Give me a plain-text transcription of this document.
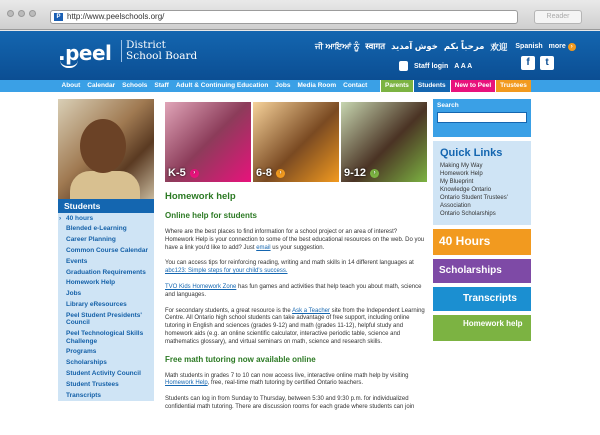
P http://www.peelschools.org/	Reader
.peel District
School Board
ਜੀ ਆਇਆਂ ਨੂੰ स्वागत خوش آمدید مرحباً بكم 欢迎 Spanish more ›
Staff login A A A	f	t
About	Calendar	Schools	Staff	Adult & Continuing Education	Jobs	Media Room	Contact	Parents	Students	New to Peel	Trustees
Students
› 40 hours
Blended e-Learning
Career Planning
Common Course Calendar
Events
Graduation Requirements
Homework Help
Jobs
Library eResources
Peel Student Presidents' Council
Peel Technological Skills Challenge
Programs
Scholarships
Student Activity Council
Student Trustees
Transcripts
K-5 ›	6-8 ›	9-12 ›
Homework help
Online help for students

Where are the best places to find information for a school project or an area of interest? Homework Help is your connection to some of the best educational resources on the web. Do you have a link you'd like to add? Just email us your suggestion.

You can access tips for reinforcing reading, writing and math skills in 14 different languages at abc123: Simple steps for your child's success.

TVO Kids Homework Zone has fun games and activities that help teach you about math, science and languages.

For secondary students, a great resource is the Ask a Teacher site from the Independent Learning Centre. All Ontario high school students can take advantage of free support, including online tutoring in English and sciences (grades 9-12) and math (grades 11-12), helpful study and homework aids (e.g. an online scientific calculator, interactive periodic table, science and mathematics glossary), and virtual seminars on math, science and research skills.

Free math tutoring now available online

Math students in grades 7 to 10 can now access live, interactive online math help by visiting Homework Help, free, real-time math tutoring by certified Ontario teachers.

Students can log in from Sunday to Thursday, between 5:30 and 9:30 p.m. for individualized confidential math tutoring. There are discussion rooms for each grade where students can join

Search
Quick Links
Making My Way
Homework Help
My Blueprint
Knowledge Ontario
Ontario Student Trustees' Association
Ontario Scholarships
40 Hours
Scholarships
Transcripts
Homework help
